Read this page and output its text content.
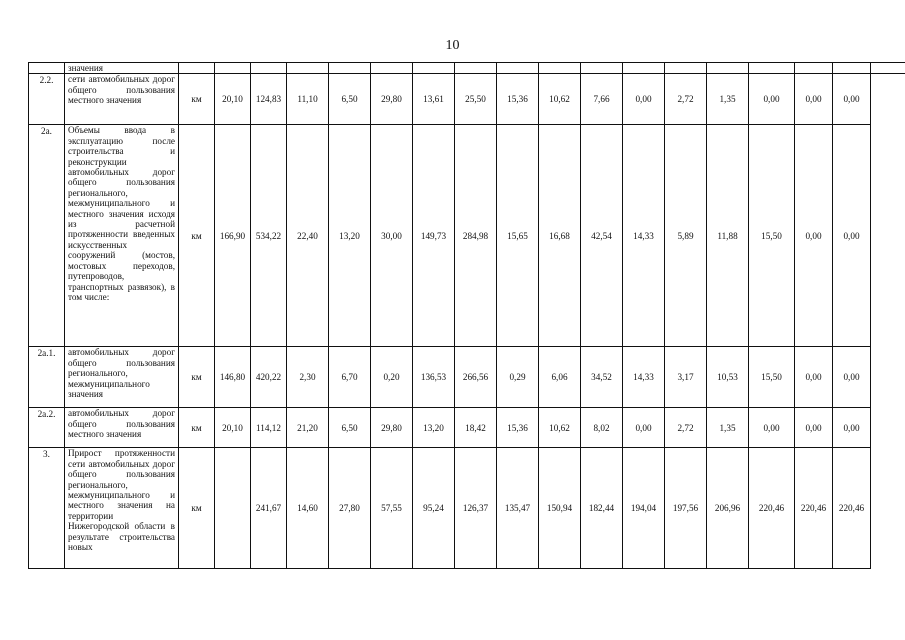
10
	значения																		
2.2.	сети автомобильных дорог общего пользования местного значения	км	20,10	124,83	11,10	6,50	29,80	13,61	25,50	15,36	10,62	7,66	0,00	2,72	1,35	0,00	0,00	0,00	
2a.	Объемы ввода в эксплуатацию после строительства и реконструкции автомобильных дорог общего пользования регионального, межмуниципального и местного значения исходя из расчетной протяженности введенных искусственных сооружений (мостов, мостовых переходов, путепроводов, транспортных развязок), в том числе:	км	166,90	534,22	22,40	13,20	30,00	149,73	284,98	15,65	16,68	42,54	14,33	5,89	11,88	15,50	0,00	0,00	
2a.1.	автомобильных дорог общего пользования регионального, межмуниципального значения	км	146,80	420,22	2,30	6,70	0,20	136,53	266,56	0,29	6,06	34,52	14,33	3,17	10,53	15,50	0,00	0,00	
2a.2.	автомобильных дорог общего пользования местного значения	км	20,10	114,12	21,20	6,50	29,80	13,20	18,42	15,36	10,62	8,02	0,00	2,72	1,35	0,00	0,00	0,00	
3.	Прирост протяженности сети автомобильных дорог общего пользования регионального, межмуниципального и местного значения на территории Нижегородской области в результате строительства новых	км		241,67	14,60	27,80	57,55	95,24	126,37	135,47	150,94	182,44	194,04	197,56	206,96	220,46	220,46	220,46	
